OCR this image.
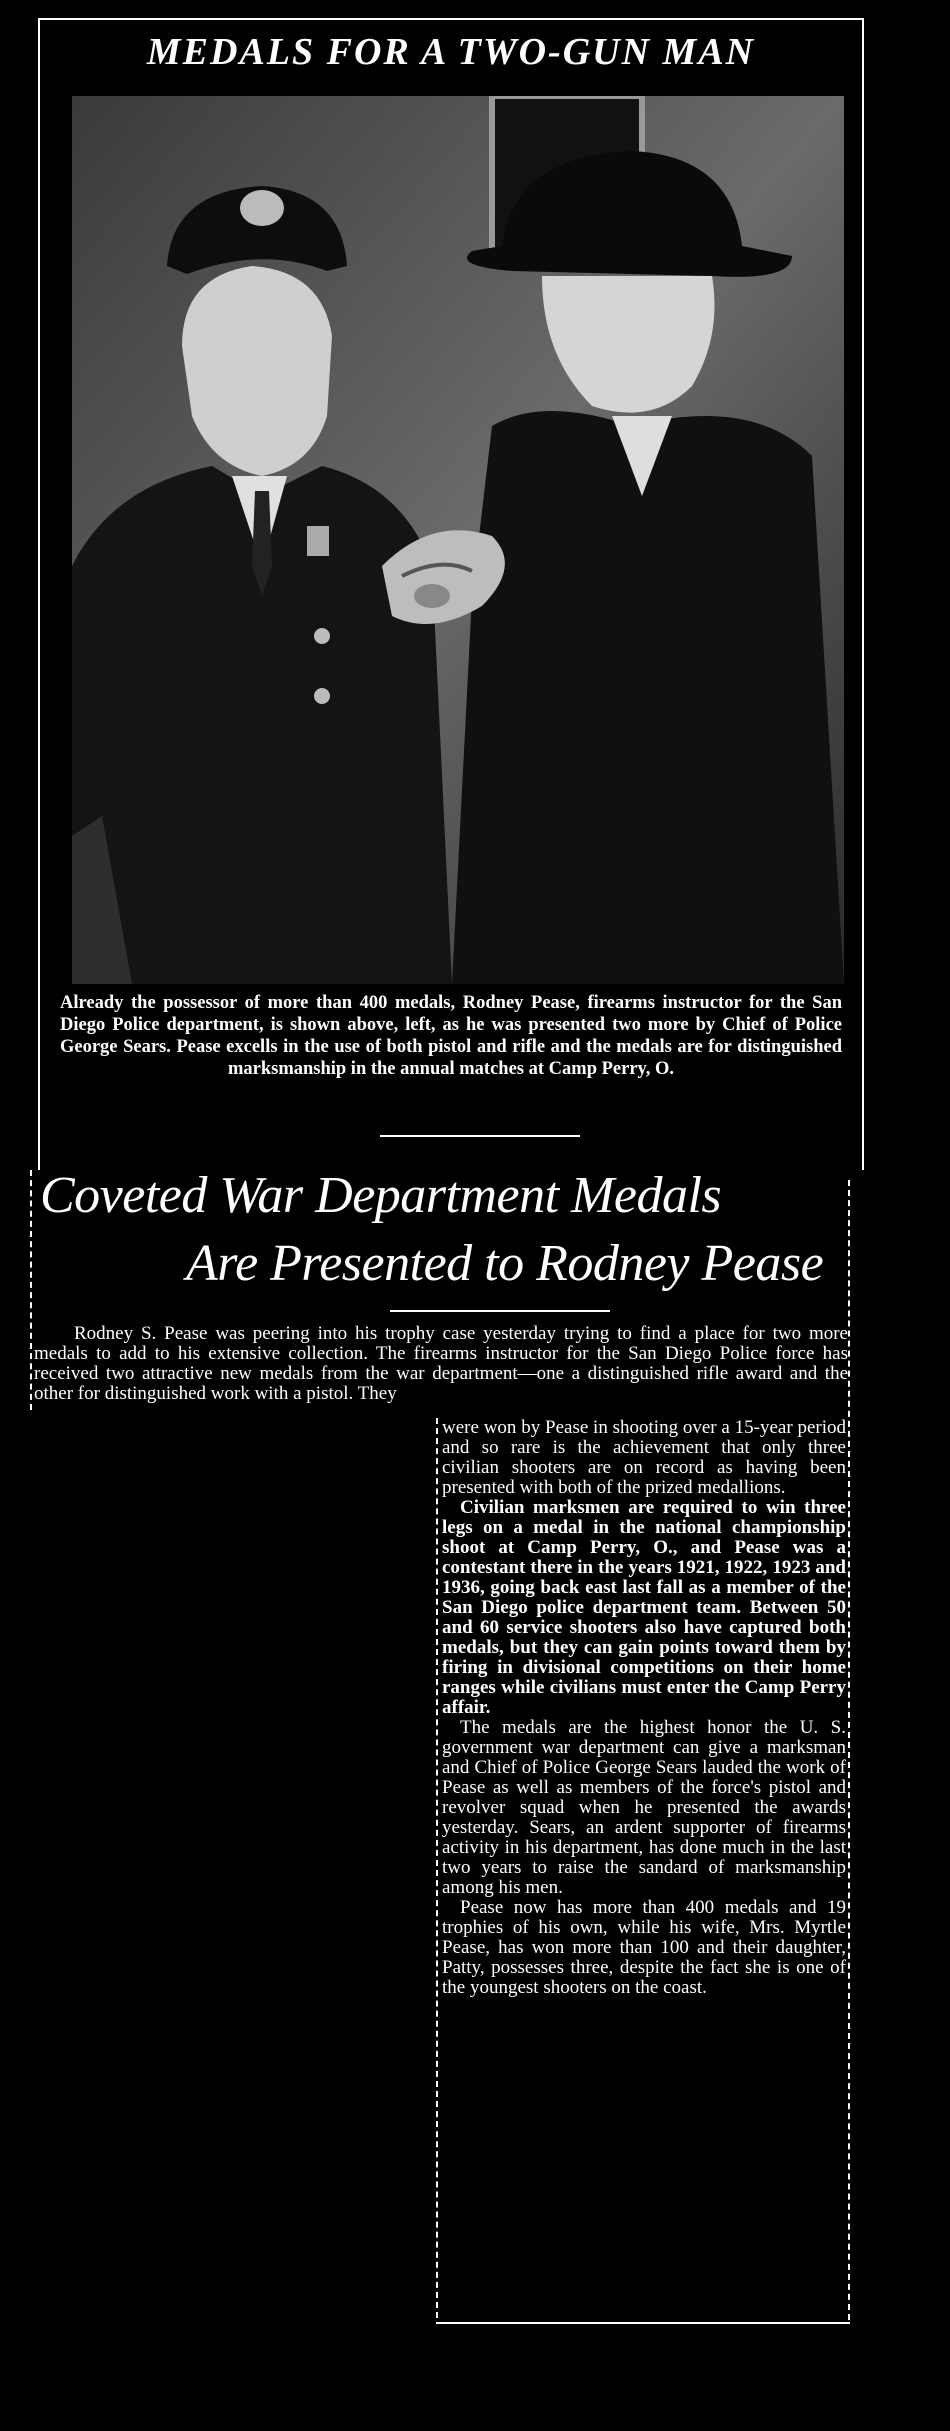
MEDALS FOR A TWO-GUN MAN
Already the possessor of more than 400 medals, Rodney Pease, firearms instructor for the San Diego Police department, is shown above, left, as he was presented two more by Chief of Police George Sears. Pease excells in the use of both pistol and rifle and the medals are for distinguished marksmanship in the annual matches at Camp Perry, O.
Coveted War Department Medals
Are Presented to Rodney Pease

Rodney S. Pease was peering into his trophy case yesterday trying to find a place for two more medals to add to his extensive collection. The firearms instructor for the San Diego Police force has received two attractive new medals from the war department—one a distinguished rifle award and the other for distinguished work with a pistol. They

were won by Pease in shooting over a 15-year period and so rare is the achievement that only three civilian shooters are on record as having been presented with both of the prized medallions.

Civilian marksmen are required to win three legs on a medal in the national championship shoot at Camp Perry, O., and Pease was a contestant there in the years 1921, 1922, 1923 and 1936, going back east last fall as a member of the San Diego police department team. Between 50 and 60 service shooters also have captured both medals, but they can gain points toward them by firing in divisional competitions on their home ranges while civilians must enter the Camp Perry affair.

The medals are the highest honor the U. S. government war department can give a marksman and Chief of Police George Sears lauded the work of Pease as well as members of the force's pistol and revolver squad when he presented the awards yesterday. Sears, an ardent supporter of firearms activity in his department, has done much in the last two years to raise the sandard of marksmanship among his men.

Pease now has more than 400 medals and 19 trophies of his own, while his wife, Mrs. Myrtle Pease, has won more than 100 and their daughter, Patty, possesses three, despite the fact she is one of the youngest shooters on the coast.
